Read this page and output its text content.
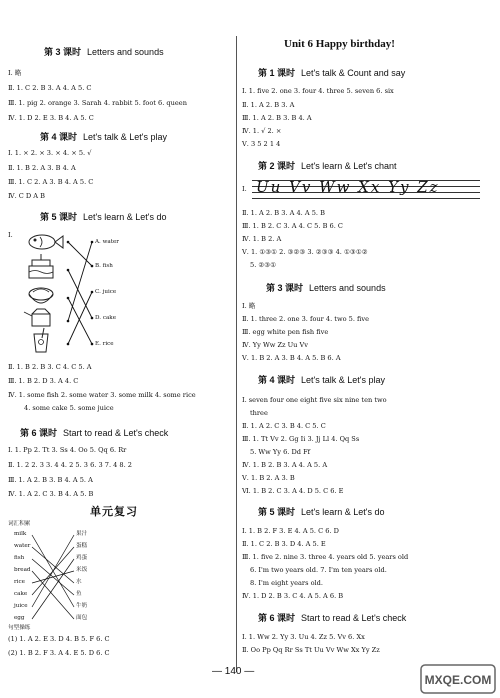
第 3 课时 Letters and sounds
Ⅰ. 略
Ⅱ. 1. C 2. B 3. A 4. A 5. C
Ⅲ. 1. pig 2. orange 3. Sarah 4. rabbit 5. foot 6. queen
Ⅳ. 1. D 2. E 3. B 4. A 5. C
第 4 课时 Let's talk & Let's play
Ⅰ. 1. × 2. × 3. × 4. × 5. √
Ⅱ. 1. B 2. A 3. B 4. A
Ⅲ. 1. C 2. A 3. B 4. A 5. C
Ⅳ. C D A B
第 5 课时 Let's learn & Let's do
Ⅰ.
A. water
B. fish
C. juice
D. cake
E. rice
Ⅱ. 1. B 2. B 3. C 4. C 5. A
Ⅲ. 1. B 2. D 3. A 4. C
Ⅳ. 1. some fish 2. some water 3. some milk 4. some rice
4. some cake 5. some juice
第 6 课时 Start to read & Let's check
Ⅰ. 1. Pp 2. Tt 3. Ss 4. Oo 5. Qq 6. Rr
Ⅱ. 1. 2 2. 3 3. 4 4. 2 5. 3 6. 3 7. 4 8. 2
Ⅲ. 1. A 2. B 3. B 4. A 5. A
Ⅳ. 1. A 2. C 3. B 4. A 5. B
单元复习
词汇积累
milk
water
fish
bread
rice
cake
juice
egg
果汁
蛋糕
鸡蛋
米饭
水
鱼
牛奶
面包
句型操练
(1) 1. A 2. E 3. D 4. B 5. F 6. C
(2) 1. B 2. F 3. A 4. E 5. D 6. C
Unit 6 Happy birthday!
第 1 课时 Let's talk & Count and say
Ⅰ. 1. five 2. one 3. four 4. three 5. seven 6. six
Ⅱ. 1. A 2. B 3. A
Ⅲ. 1. A 2. B 3. B 4. A
Ⅳ. 1. √ 2. ×
Ⅴ. 3 5 2 1 4
第 2 课时 Let's learn & Let's chant
Ⅰ. Uu Vv Ww Xx Yy Zz
Ⅱ. 1. A 2. B 3. A 4. A 5. B
Ⅲ. 1. B 2. C 3. A 4. C 5. B 6. C
Ⅳ. 1. B 2. A
Ⅴ. 1. ①③① 2. ③②③ 3. ②③③ 4. ①③①②
5. ②③①
第 3 课时 Letters and sounds
Ⅰ. 略
Ⅱ. 1. three 2. one 3. four 4. two 5. five
Ⅲ. egg white pen fish five
Ⅳ. Yy Ww Zz Uu Vv
Ⅴ. 1. B 2. A 3. B 4. A 5. B 6. A
第 4 课时 Let's talk & Let's play
Ⅰ. seven four one eight five six nine ten two
three
Ⅱ. 1. A 2. C 3. B 4. C 5. C
Ⅲ. 1. Tt Vv 2. Gg Ii 3. Jj Ll 4. Qq Ss
5. Ww Yy 6. Dd Ff
Ⅳ. 1. B 2. B 3. A 4. A 5. A
Ⅴ. 1. B 2. A 3. B
Ⅵ. 1. B 2. C 3. A 4. D 5. C 6. E
第 5 课时 Let's learn & Let's do
Ⅰ. 1. B 2. F 3. E 4. A 5. C 6. D
Ⅱ. 1. C 2. B 3. D 4. A 5. E
Ⅲ. 1. five 2. nine 3. three 4. years old 5. years old
6. I'm two years old. 7. I'm ten years old.
8. I'm eight years old.
Ⅳ. 1. D 2. B 3. C 4. A 5. A 6. B
第 6 课时 Start to read & Let's check
Ⅰ. 1. Ww 2. Yy 3. Uu 4. Zz 5. Vv 6. Xx
Ⅱ. Oo Pp Qq Rr Ss Tt Uu Vv Ww Xx Yy Zz
— 140 —
MXQE.COM
